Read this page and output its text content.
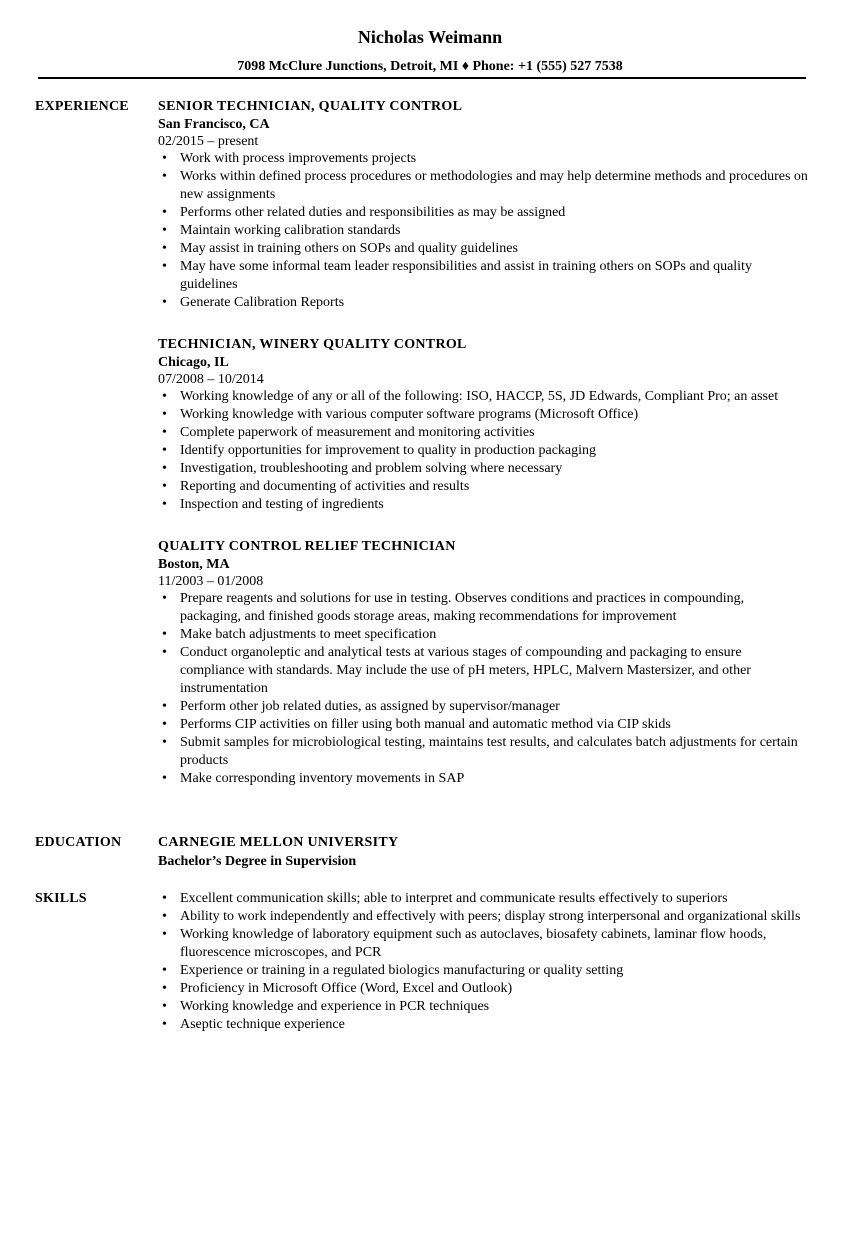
Nicholas Weimann
7098 McClure Junctions, Detroit, MI ♦ Phone: +1 (555) 527 7538
EXPERIENCE SENIOR TECHNICIAN, QUALITY CONTROL
San Francisco, CA
02/2015 – present
• Work with process improvements projects
• Works within defined process procedures or methodologies and may help determine methods and procedures on new assignments
• Performs other related duties and responsibilities as may be assigned
• Maintain working calibration standards
• May assist in training others on SOPs and quality guidelines
• May have some informal team leader responsibilities and assist in training others on SOPs and quality guidelines
• Generate Calibration Reports
TECHNICIAN, WINERY QUALITY CONTROL
Chicago, IL
07/2008 – 10/2014
• Working knowledge of any or all of the following: ISO, HACCP, 5S, JD Edwards, Compliant Pro; an asset
• Working knowledge with various computer software programs (Microsoft Office)
• Complete paperwork of measurement and monitoring activities
• Identify opportunities for improvement to quality in production packaging
• Investigation, troubleshooting and problem solving where necessary
• Reporting and documenting of activities and results
• Inspection and testing of ingredients
QUALITY CONTROL RELIEF TECHNICIAN
Boston, MA
11/2003 – 01/2008
• Prepare reagents and solutions for use in testing. Observes conditions and practices in compounding, packaging, and finished goods storage areas, making recommendations for improvement
• Make batch adjustments to meet specification
• Conduct organoleptic and analytical tests at various stages of compounding and packaging to ensure compliance with standards. May include the use of pH meters, HPLC, Malvern Mastersizer, and other instrumentation
• Perform other job related duties, as assigned by supervisor/manager
• Performs CIP activities on filler using both manual and automatic method via CIP skids
• Submit samples for microbiological testing, maintains test results, and calculates batch adjustments for certain products
• Make corresponding inventory movements in SAP
EDUCATION	CARNEGIE MELLON UNIVERSITY
Bachelor’s Degree in Supervision
SKILLS
•	Excellent communication skills; able to interpret and communicate results effectively to superiors
• Ability to work independently and effectively with peers; display strong interpersonal and organizational skills
• Working knowledge of laboratory equipment such as autoclaves, biosafety cabinets, laminar flow hoods, fluorescence microscopes, and PCR
• Experience or training in a regulated biologics manufacturing or quality setting
• Proficiency in Microsoft Office (Word, Excel and Outlook)
• Working knowledge and experience in PCR techniques
• Aseptic technique experience
